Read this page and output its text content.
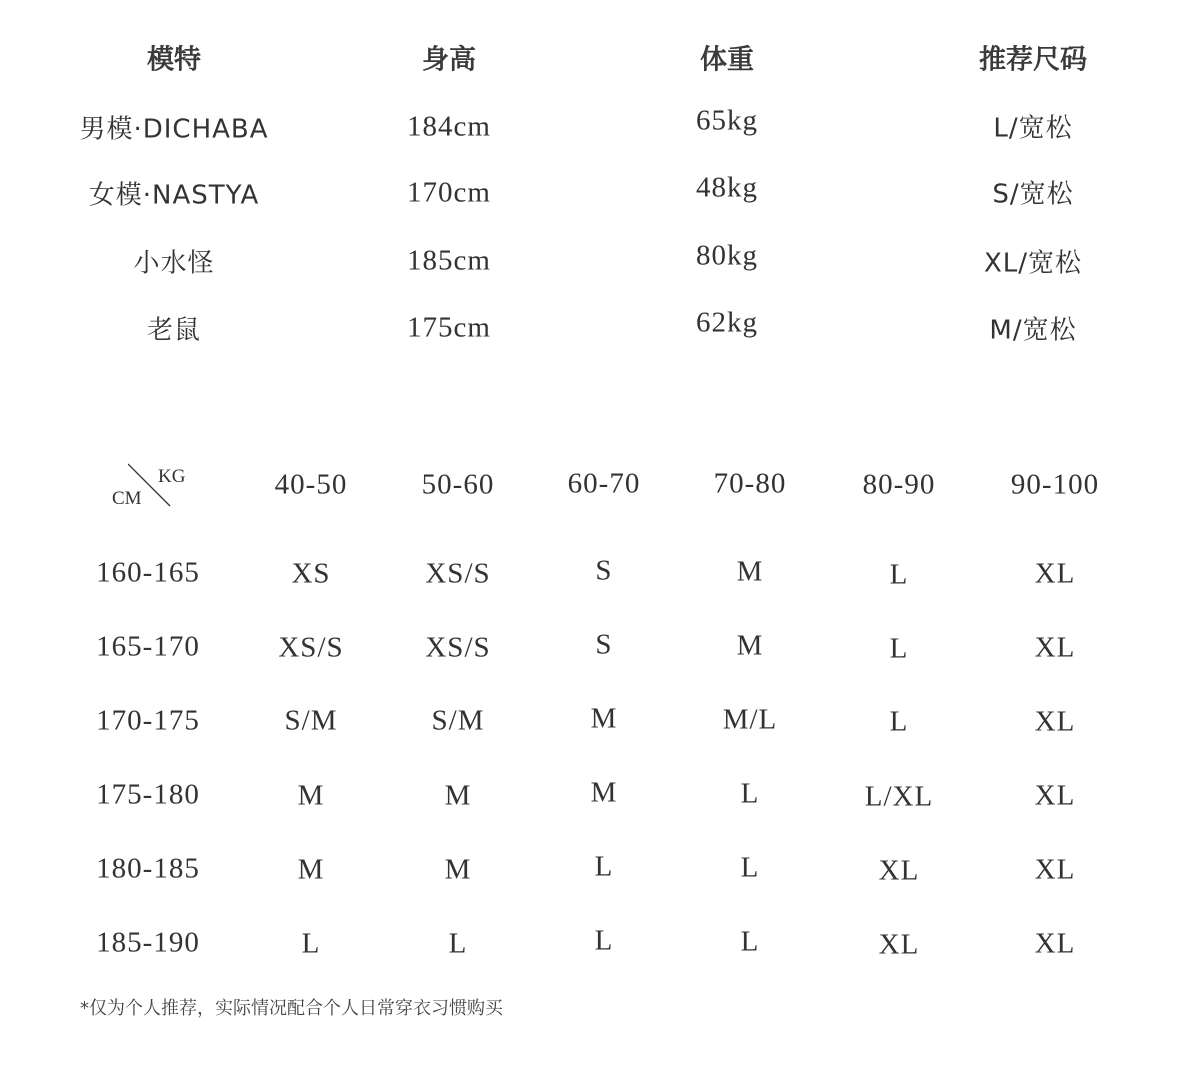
模特	身高	体重	推荐尺码
男模·DICHABA	184cm	65kg	L/宽松
女模·NASTYA	170cm	48kg	S/宽松
小水怪	185cm	80kg	XL/宽松
老鼠	175cm	62kg	M/宽松
KG
CM	40-50	50-60	60-70	70-80	80-90	90-100
160-165	XS	XS/S	S	M	L	XL
165-170	XS/S	XS/S	S	M	L	XL
170-175	S/M	S/M	M	M/L	L	XL
175-180	M	M	M	L	L/XL	XL
180-185	M	M	L	L	XL	XL
185-190	L	L	L	L	XL	XL
*仅为个人推荐，实际情况配合个人日常穿衣习惯购买
